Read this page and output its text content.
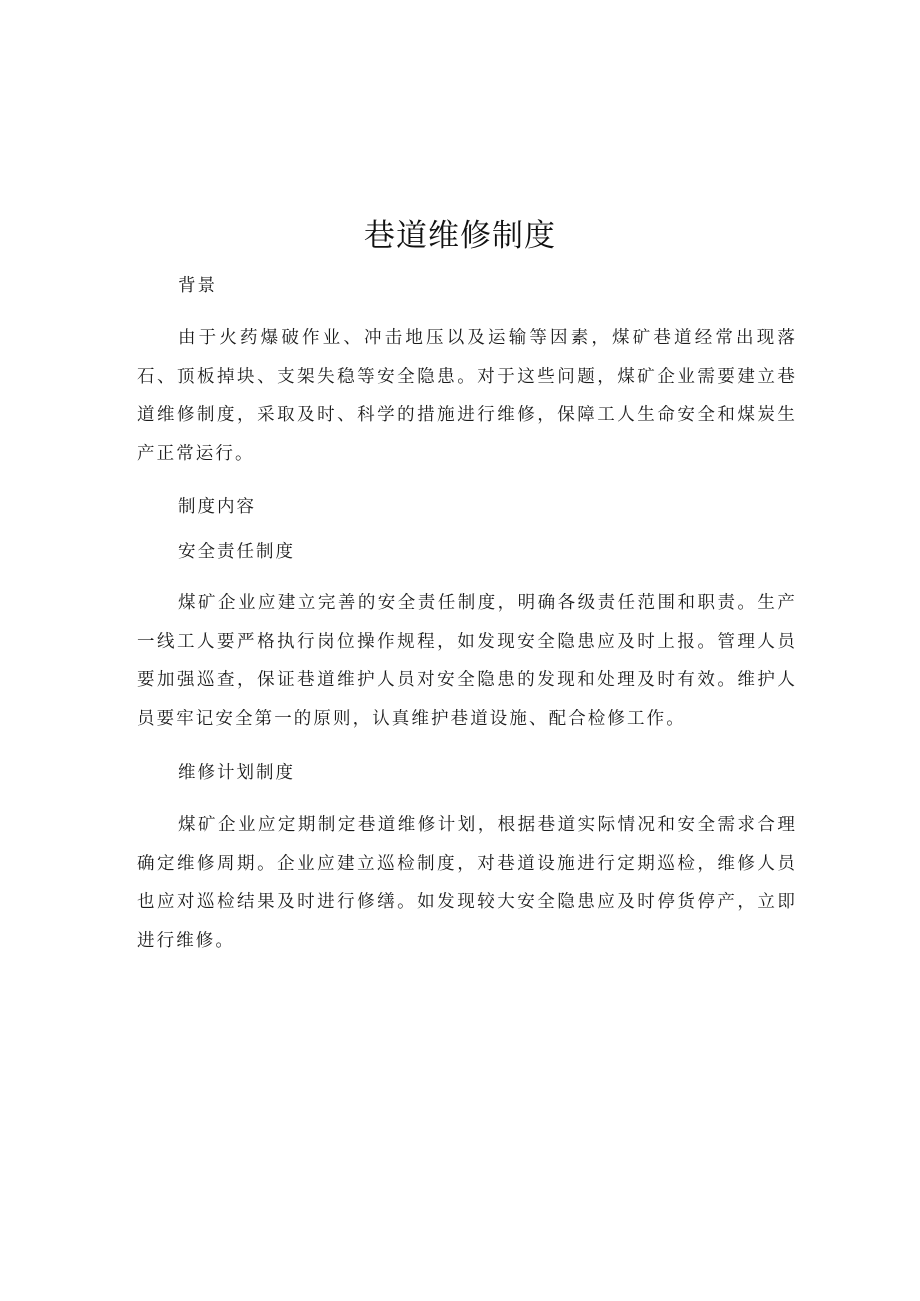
巷道维修制度

背景

由于火药爆破作业、冲击地压以及运输等因素，煤矿巷道经常出现落石、顶板掉块、支架失稳等安全隐患。对于这些问题，煤矿企业需要建立巷道维修制度，采取及时、科学的措施进行维修，保障工人生命安全和煤炭生产正常运行。

制度内容

安全责任制度

煤矿企业应建立完善的安全责任制度，明确各级责任范围和职责。生产一线工人要严格执行岗位操作规程，如发现安全隐患应及时上报。管理人员要加强巡查，保证巷道维护人员对安全隐患的发现和处理及时有效。维护人员要牢记安全第一的原则，认真维护巷道设施、配合检修工作。

维修计划制度

煤矿企业应定期制定巷道维修计划，根据巷道实际情况和安全需求合理确定维修周期。企业应建立巡检制度，对巷道设施进行定期巡检，维修人员也应对巡检结果及时进行修缮。如发现较大安全隐患应及时停货停产，立即进行维修。
